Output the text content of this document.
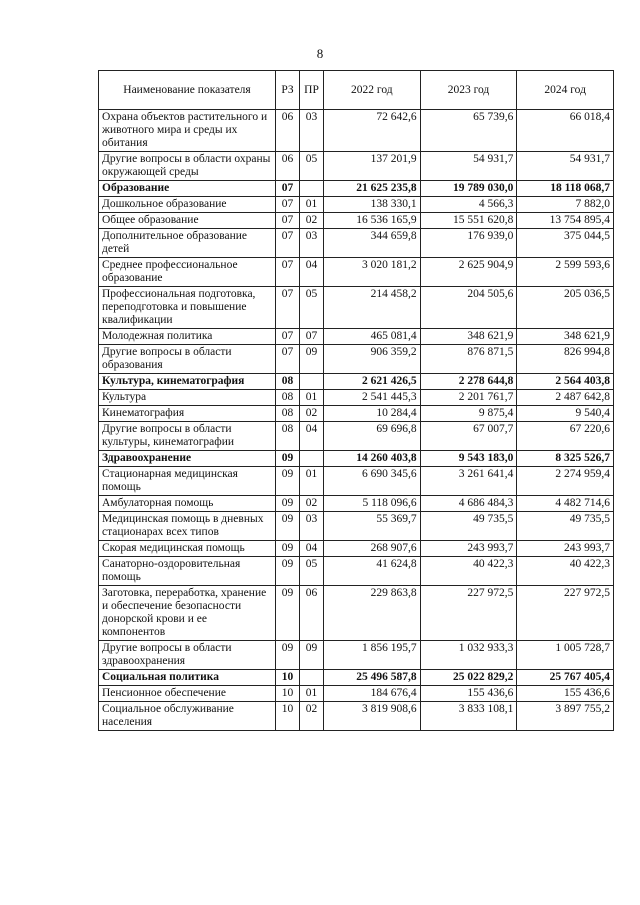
8
Наименование показателя	РЗ	ПР	2022 год	2023 год	2024 год
Охрана объектов растительного и животного мира и среды их обитания	06	03	72 642,6	65 739,6	66 018,4
Другие вопросы в области охраны окружающей среды	06	05	137 201,9	54 931,7	54 931,7
Образование	07		21 625 235,8	19 789 030,0	18 118 068,7
Дошкольное образование	07	01	138 330,1	4 566,3	7 882,0
Общее образование	07	02	16 536 165,9	15 551 620,8	13 754 895,4
Дополнительное образование детей	07	03	344 659,8	176 939,0	375 044,5
Среднее профессиональное образование	07	04	3 020 181,2	2 625 904,9	2 599 593,6
Профессиональная подготовка, переподготовка и повышение квалификации	07	05	214 458,2	204 505,6	205 036,5
Молодежная политика	07	07	465 081,4	348 621,9	348 621,9
Другие вопросы в области образования	07	09	906 359,2	876 871,5	826 994,8
Культура, кинематография	08		2 621 426,5	2 278 644,8	2 564 403,8
Культура	08	01	2 541 445,3	2 201 761,7	2 487 642,8
Кинематография	08	02	10 284,4	9 875,4	9 540,4
Другие вопросы в области культуры, кинематографии	08	04	69 696,8	67 007,7	67 220,6
Здравоохранение	09		14 260 403,8	9 543 183,0	8 325 526,7
Стационарная медицинская помощь	09	01	6 690 345,6	3 261 641,4	2 274 959,4
Амбулаторная помощь	09	02	5 118 096,6	4 686 484,3	4 482 714,6
Медицинская помощь в дневных стационарах всех типов	09	03	55 369,7	49 735,5	49 735,5
Скорая медицинская помощь	09	04	268 907,6	243 993,7	243 993,7
Санаторно-оздоровительная помощь	09	05	41 624,8	40 422,3	40 422,3
Заготовка, переработка, хранение и обеспечение безопасности донорской крови и ее компонентов	09	06	229 863,8	227 972,5	227 972,5
Другие вопросы в области здравоохранения	09	09	1 856 195,7	1 032 933,3	1 005 728,7
Социальная политика	10		25 496 587,8	25 022 829,2	25 767 405,4
Пенсионное обеспечение	10	01	184 676,4	155 436,6	155 436,6
Социальное обслуживание населения	10	02	3 819 908,6	3 833 108,1	3 897 755,2
